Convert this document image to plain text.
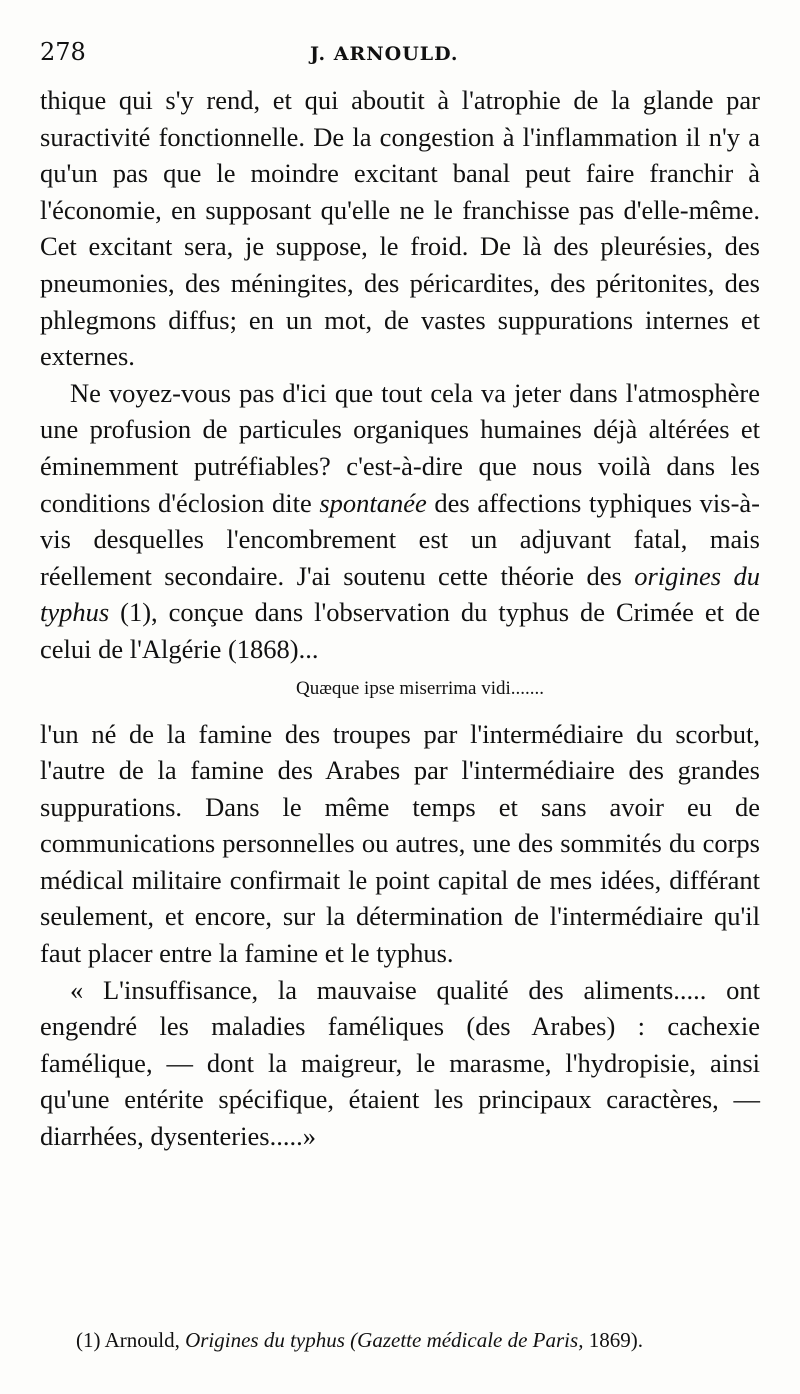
278	J. ARNOULD.

thique qui s'y rend, et qui aboutit à l'atrophie de la glande par suractivité fonctionnelle. De la congestion à l'inflammation il n'y a qu'un pas que le moindre excitant banal peut faire franchir à l'économie, en supposant qu'elle ne le franchisse pas d'elle-même. Cet excitant sera, je suppose, le froid. De là des pleurésies, des pneumonies, des méningites, des péricardites, des péritonites, des phlegmons diffus; en un mot, de vastes suppurations internes et externes.

Ne voyez-vous pas d'ici que tout cela va jeter dans l'atmosphère une profusion de particules organiques humaines déjà altérées et éminemment putréfiables? c'est-à-dire que nous voilà dans les conditions d'éclosion dite spontanée des affections typhiques vis-à-vis desquelles l'encombrement est un adjuvant fatal, mais réellement secondaire. J'ai soutenu cette théorie des origines du typhus (1), conçue dans l'observation du typhus de Crimée et de celui de l'Algérie (1868)...

Quæque ipse miserrima vidi.......

l'un né de la famine des troupes par l'intermédiaire du scorbut, l'autre de la famine des Arabes par l'intermédiaire des grandes suppurations. Dans le même temps et sans avoir eu de communications personnelles ou autres, une des sommités du corps médical militaire confirmait le point capital de mes idées, différant seulement, et encore, sur la détermination de l'intermédiaire qu'il faut placer entre la famine et le typhus.

« L'insuffisance, la mauvaise qualité des aliments..... ont engendré les maladies faméliques (des Arabes) : cachexie famélique, — dont la maigreur, le marasme, l'hydropisie, ainsi qu'une entérite spécifique, étaient les principaux caractères, — diarrhées, dysenteries.....»

(1) Arnould, Origines du typhus (Gazette médicale de Paris, 1869).
